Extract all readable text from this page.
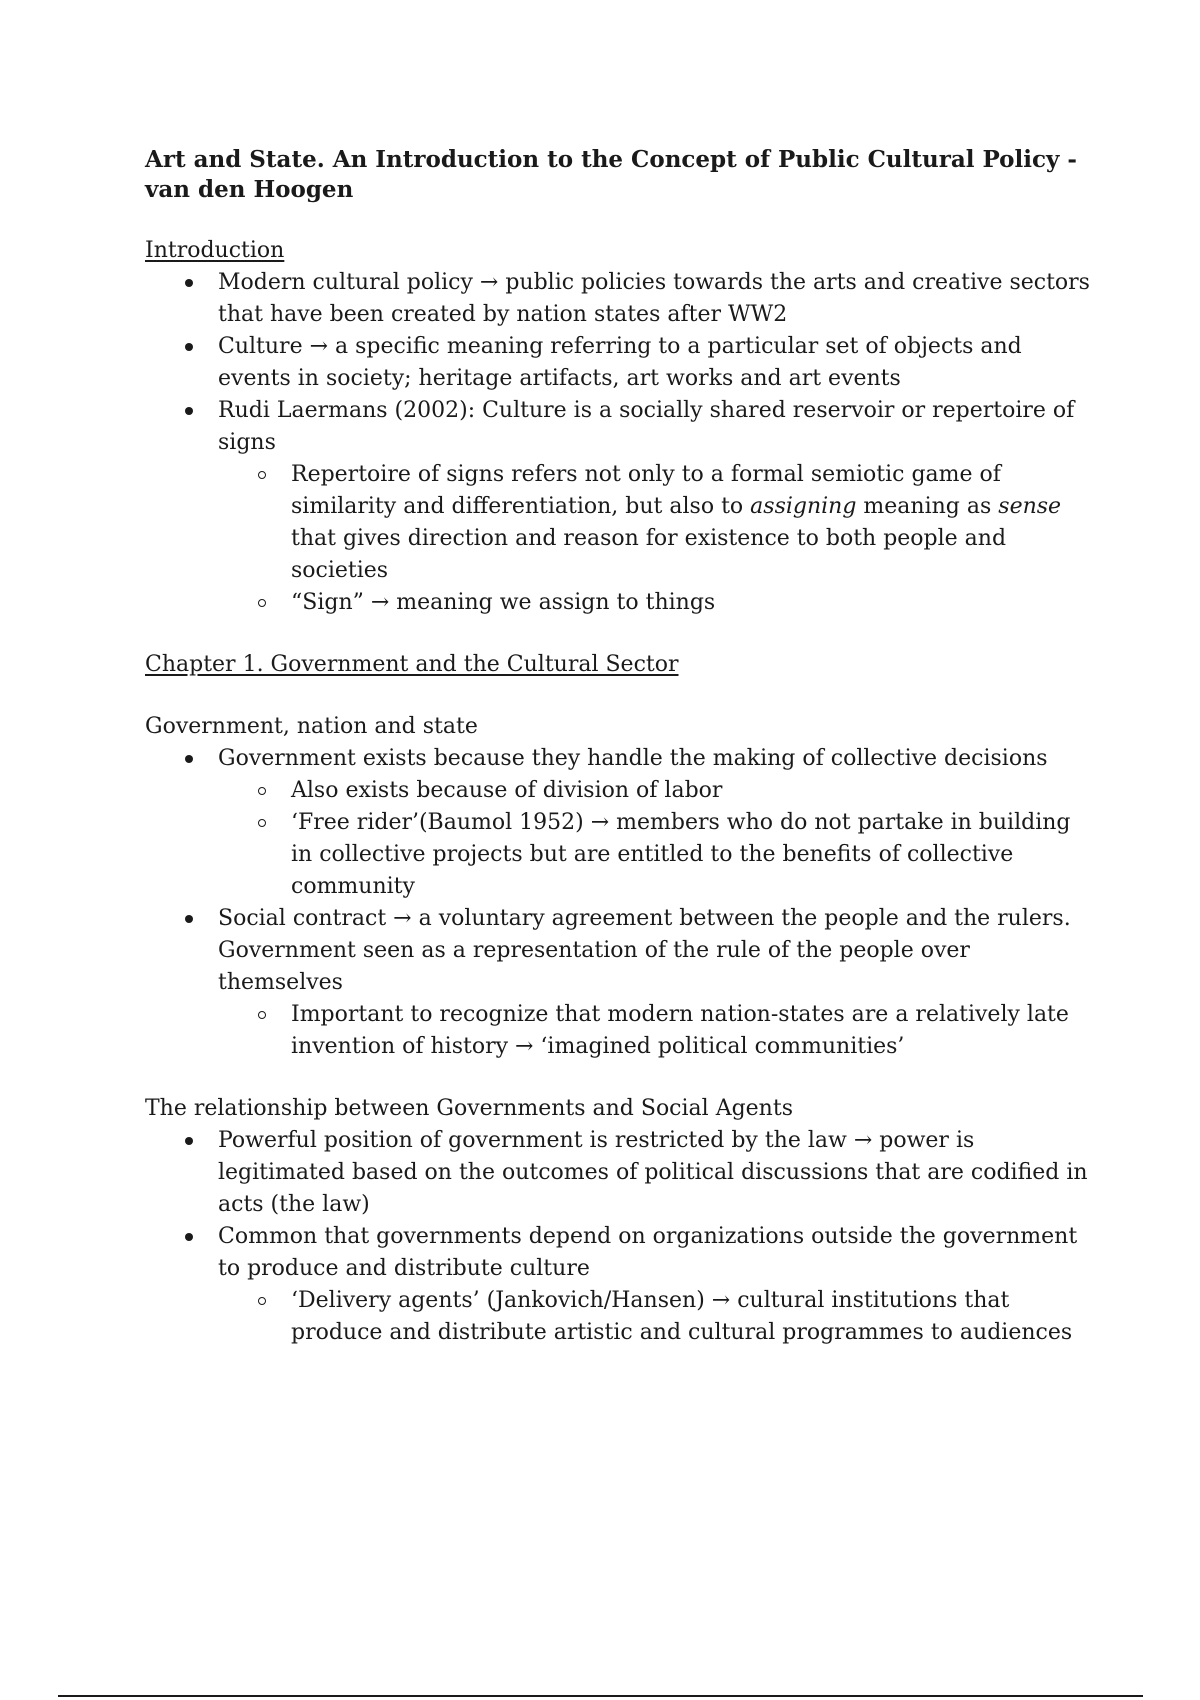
Art and State. An Introduction to the Concept of Public Cultural Policy - van den Hoogen

Introduction

Modern cultural policy → public policies towards the arts and creative sectors that have been created by nation states after WW2
Culture → a specific meaning referring to a particular set of objects and events in society; heritage artifacts, art works and art events
Rudi Laermans (2002): Culture is a socially shared reservoir or repertoire of signs
Repertoire of signs refers not only to a formal semiotic game of similarity and differentiation, but also to assigning meaning as sense that gives direction and reason for existence to both people and societies
“Sign” → meaning we assign to things

Chapter 1. Government and the Cultural Sector

Government, nation and state

Government exists because they handle the making of collective decisions
Also exists because of division of labor
‘Free rider’(Baumol 1952) → members who do not partake in building in collective projects but are entitled to the benefits of collective community
Social contract → a voluntary agreement between the people and the rulers. Government seen as a representation of the rule of the people over themselves
Important to recognize that modern nation-states are a relatively late invention of history → ‘imagined political communities’

The relationship between Governments and Social Agents

Powerful position of government is restricted by the law → power is legitimated based on the outcomes of political discussions that are codified in acts (the law)
Common that governments depend on organizations outside the government to produce and distribute culture
‘Delivery agents’ (Jankovich/Hansen) → cultural institutions that produce and distribute artistic and cultural programmes to audiences
